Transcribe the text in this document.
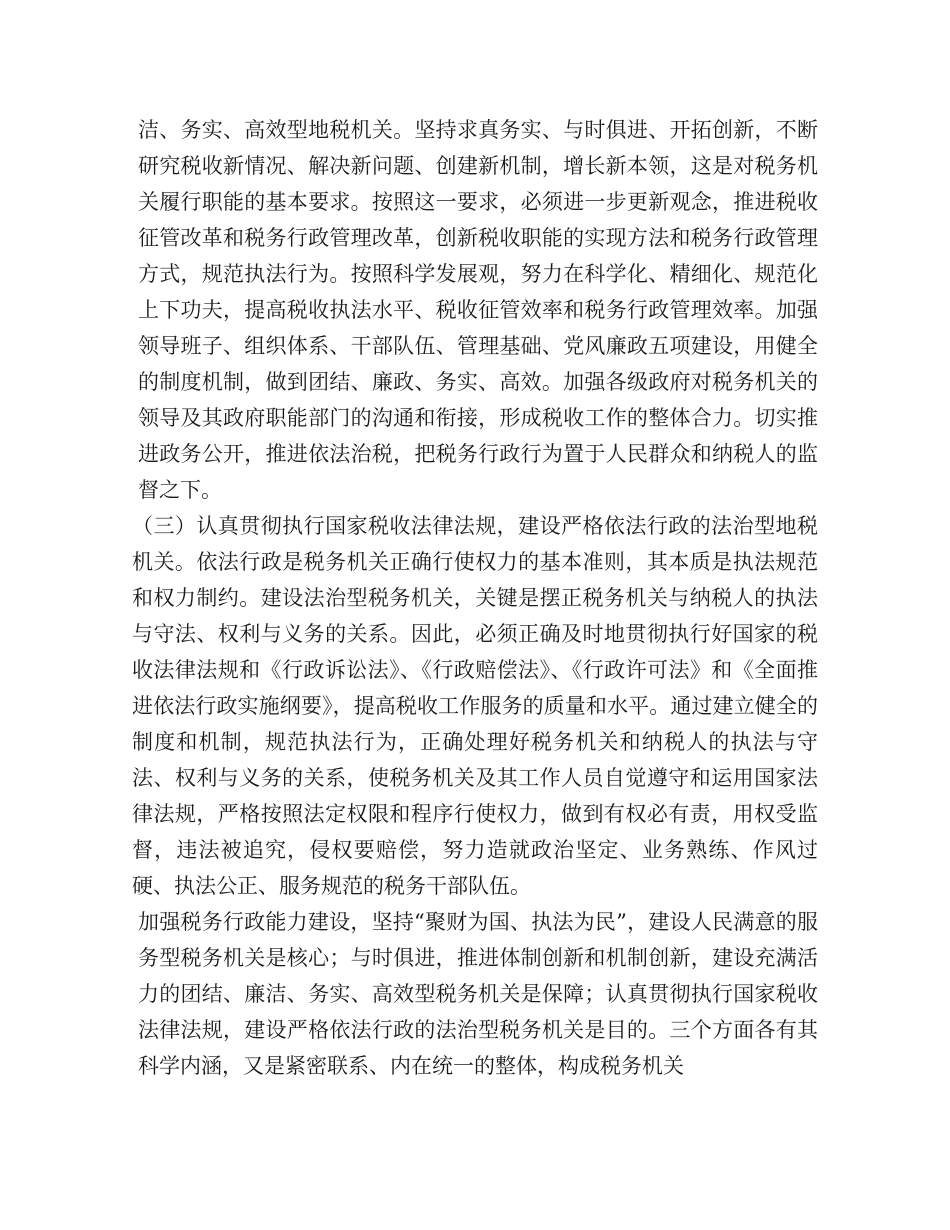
洁、务实、高效型地税机关。坚持求真务实、与时俱进、开拓创新，不断研究税收新情况、解决新问题、创建新机制，增长新本领，这是对税务机关履行职能的基本要求。按照这一要求，必须进一步更新观念，推进税收征管改革和税务行政管理改革，创新税收职能的实现方法和税务行政管理方式，规范执法行为。按照科学发展观，努力在科学化、精细化、规范化上下功夫，提高税收执法水平、税收征管效率和税务行政管理效率。加强领导班子、组织体系、干部队伍、管理基础、党风廉政五项建设，用健全的制度机制，做到团结、廉政、务实、高效。加强各级政府对税务机关的领导及其政府职能部门的沟通和衔接，形成税收工作的整体合力。切实推进政务公开，推进依法治税，把税务行政行为置于人民群众和纳税人的监督之下。

（三）认真贯彻执行国家税收法律法规，建设严格依法行政的法治型地税机关。依法行政是税务机关正确行使权力的基本准则，其本质是执法规范和权力制约。建设法治型税务机关，关键是摆正税务机关与纳税人的执法与守法、权利与义务的关系。因此，必须正确及时地贯彻执行好国家的税收法律法规和《行政诉讼法》、《行政赔偿法》、《行政许可法》和《全面推进依法行政实施纲要》，提高税收工作服务的质量和水平。通过建立健全的制度和机制，规范执法行为，正确处理好税务机关和纳税人的执法与守法、权利与义务的关系，使税务机关及其工作人员自觉遵守和运用国家法律法规，严格按照法定权限和程序行使权力，做到有权必有责，用权受监督，违法被追究，侵权要赔偿，努力造就政治坚定、业务熟练、作风过硬、执法公正、服务规范的税务干部队伍。

加强税务行政能力建设，坚持“聚财为国、执法为民”，建设人民满意的服务型税务机关是核心；与时俱进，推进体制创新和机制创新，建设充满活力的团结、廉洁、务实、高效型税务机关是保障；认真贯彻执行国家税收法律法规，建设严格依法行政的法治型税务机关是目的。三个方面各有其科学内涵，又是紧密联系、内在统一的整体，构成税务机关
